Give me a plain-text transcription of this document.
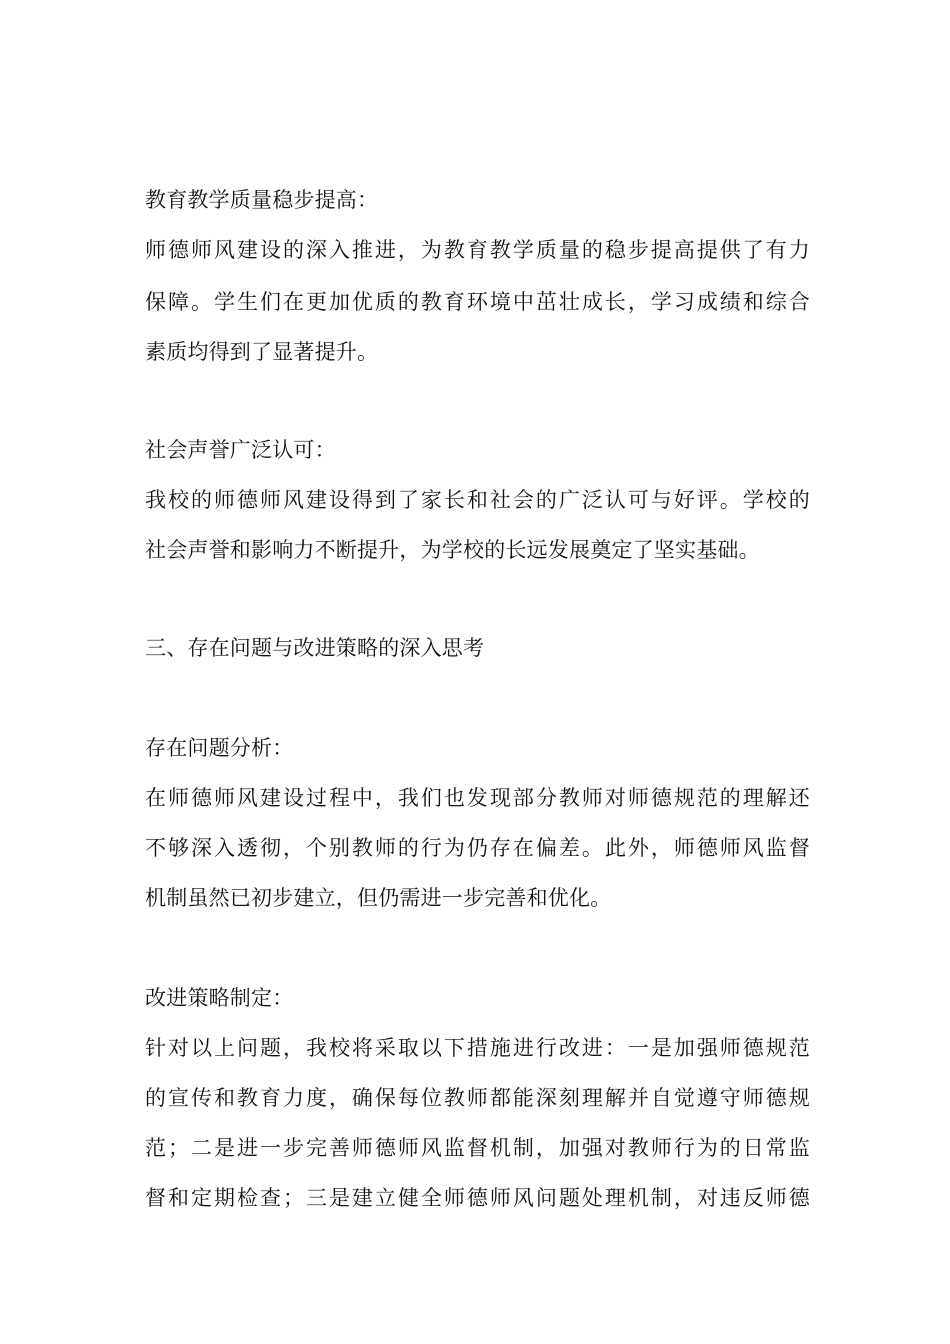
教育教学质量稳步提高：
师德师风建设的深入推进，为教育教学质量的稳步提高提供了有力
保障。学生们在更加优质的教育环境中茁壮成长，学习成绩和综合
素质均得到了显著提升。
社会声誉广泛认可：
我校的师德师风建设得到了家长和社会的广泛认可与好评。学校的
社会声誉和影响力不断提升，为学校的长远发展奠定了坚实基础。
三、存在问题与改进策略的深入思考
存在问题分析：
在师德师风建设过程中，我们也发现部分教师对师德规范的理解还
不够深入透彻，个别教师的行为仍存在偏差。此外，师德师风监督
机制虽然已初步建立，但仍需进一步完善和优化。
改进策略制定：
针对以上问题，我校将采取以下措施进行改进：一是加强师德规范
的宣传和教育力度，确保每位教师都能深刻理解并自觉遵守师德规
范；二是进一步完善师德师风监督机制，加强对教师行为的日常监
督和定期检查；三是建立健全师德师风问题处理机制，对违反师德
